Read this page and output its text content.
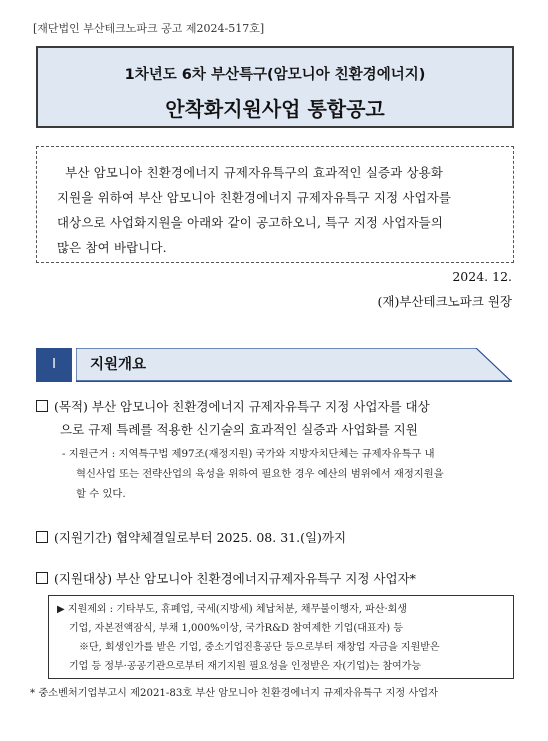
[재단법인 부산테크노파크 공고 제2024-517호]
1차년도 6차 부산특구(암모니아 친환경에너지)
안착화지원사업 통합공고
부산 암모니아 친환경에너지 규제자유특구의 효과적인 실증과 상용화
지원을 위하여 부산 암모니아 친환경에너지 규제자유특구 지정 사업자를
대상으로 사업화지원을 아래와 같이 공고하오니, 특구 지정 사업자들의
많은 참여 바랍니다.
2024. 12.
(재)부산테크노파크 원장
Ⅰ	지원개요
(목적) 부산 암모니아 친환경에너지 규제자유특구 지정 사업자를 대상
으로 규제 특례를 적용한 신기술의 효과적인 실증과 사업화를 지원
- 지원근거 : 지역특구법 제97조(재정지원) 국가와 지방자치단체는 규제자유특구 내
혁신사업 또는 전략산업의 육성을 위하여 필요한 경우 예산의 범위에서 재정지원을
할 수 있다.
(지원기간) 협약체결일로부터 2025. 08. 31.(일)까지
(지원대상) 부산 암모니아 친환경에너지규제자유특구 지정 사업자*
▶ 지원제외 : 기타부도, 휴폐업, 국세(지방세) 체납처분, 채무불이행자, 파산·회생
기업, 자본전액잠식, 부채 1,000%이상, 국가R&D 참여제한 기업(대표자) 등
※단, 회생인가를 받은 기업, 중소기업진흥공단 등으로부터 재창업 자금을 지원받은
기업 등 정부·공공기관으로부터 재기지원 필요성을 인정받은 자(기업)는 참여가능
* 중소벤처기업부고시 제2021-83호 부산 암모니아 친환경에너지 규제자유특구 지정 사업자
